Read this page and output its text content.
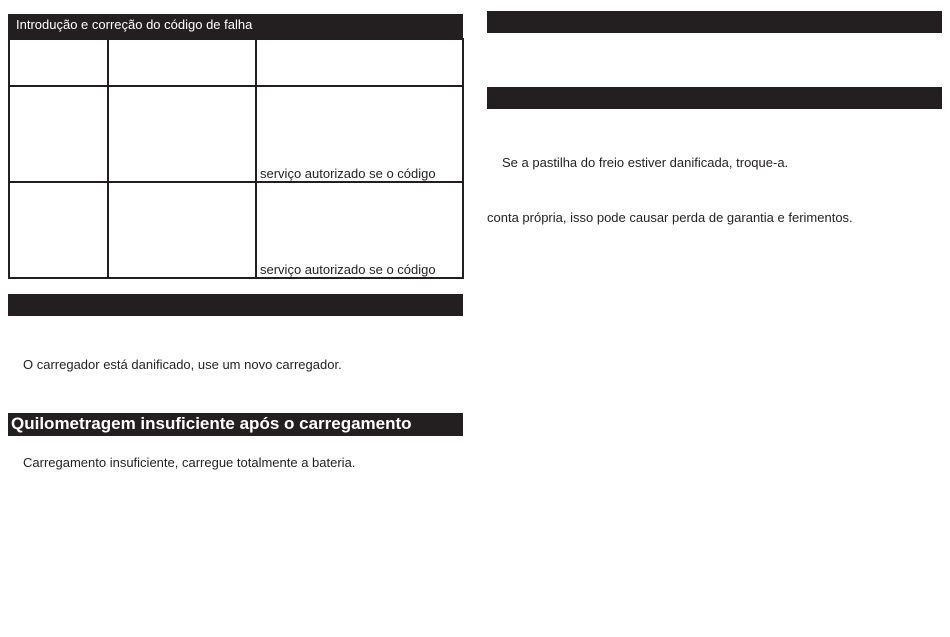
Introdução e correção do código de falha

		serviço autorizado se o código
		serviço autorizado se o código
O carregador está danificado, use um novo carregador.
Quilometragem insuficiente após o carregamento
Carregamento insuficiente, carregue totalmente a bateria.
Se a pastilha do freio estiver danificada, troque-a.
conta própria, isso pode causar perda de garantia e ferimentos.
